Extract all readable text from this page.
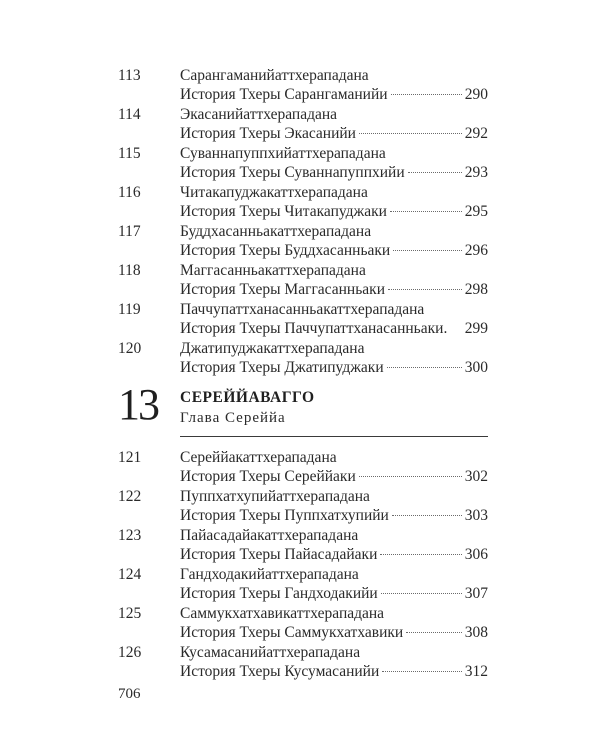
113	Сарангаманийаттхерападана
История Тхеры Сарангаманийи	290
114	Экасанийаттхерападана
История Тхеры Экасанийи	292
115	Суваннапуппхийаттхерападана
История Тхеры Суваннапуппхийи	293
116	Читакапуджакаттхерападана
История Тхеры Читакапуджаки	295
117	Буддхасанньакаттхерападана
История Тхеры Буддхасанньаки	296
118	Маггасанньакаттхерападана
История Тхеры Маггасанньаки	298
119	Паччупаттханасанньакаттхерападана
История Тхеры Паччупаттханасанньаки. 299
120	Джатипуджакаттхерападана
История Тхеры Джатипуджаки	300
13 СЕРЕЙЙАВАГГО
Глава Сереййа
121	Сереййакаттхерападана
История Тхеры Сереййаки	302
122	Пуппхатхупийаттхерападана
История Тхеры Пуппхатхупийи	303
123	Пайасадайакаттхерападана
История Тхеры Пайасадайаки	306
124	Гандходакийаттхерападана
История Тхеры Гандходакийи	307
125	Саммукхатхавикаттхерападана
История Тхеры Саммукхатхавики	308
126	Кусамасанийаттхерападана
История Тхеры Кусумасанийи	312
706
